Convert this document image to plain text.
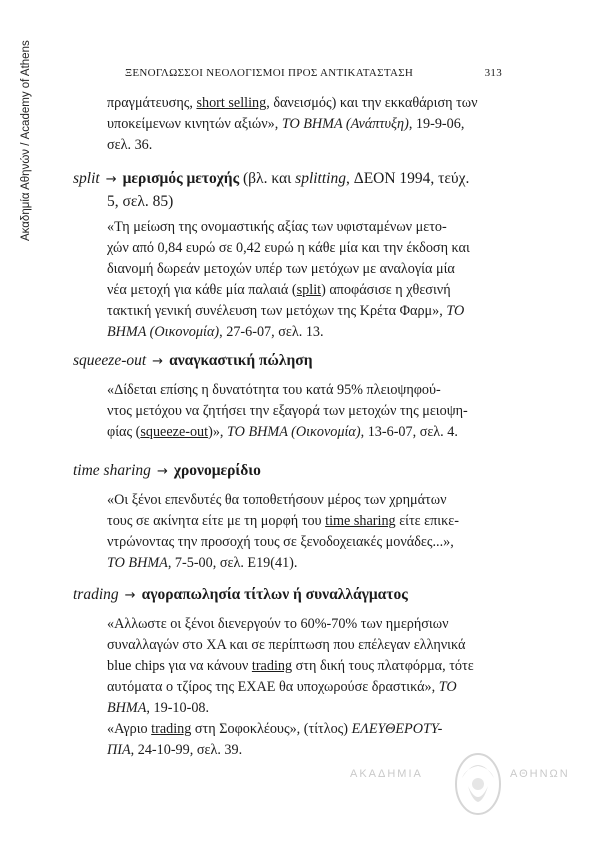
Ακαδημία Αθηνών / Academy of Athens	ΞΕΝΟΓΛΩΣΣΟΙ ΝΕΟΛΟΓΙΣΜΟΙ ΠΡΟΣ ΑΝΤΙΚΑΤΑΣΤΑΣΗ	313
πραγμάτευσης, short selling, δανεισμός) και την εκκαθάριση των
υποκείμενων κινητών αξιών», ΤΟ ΒΗΜΑ (Ανάπτυξη), 19-9-06,
σελ. 36.
split → μερισμός μετοχής (βλ. και splitting, ΔΕΟΝ 1994, τεύχ.
5, σελ. 85)
«Τη μείωση της ονομαστικής αξίας των υφισταμένων μετο-
χών από 0,84 ευρώ σε 0,42 ευρώ η κάθε μία και την έκδοση και
διανομή δωρεάν μετοχών υπέρ των μετόχων με αναλογία μία
νέα μετοχή για κάθε μία παλαιά (split) αποφάσισε η χθεσινή
τακτική γενική συνέλευση των μετόχων της Κρέτα Φαρμ», ΤΟ
ΒΗΜΑ (Οικονομία), 27-6-07, σελ. 13.
squeeze-out → αναγκαστική πώληση
«Δίδεται επίσης η δυνατότητα του κατά 95% πλειοψηφού-
ντος μετόχου να ζητήσει την εξαγορά των μετοχών της μειοψη-
φίας (squeeze-out)», ΤΟ ΒΗΜΑ (Οικονομία), 13-6-07, σελ. 4.
time sharing → χρονομερίδιο
«Οι ξένοι επενδυτές θα τοποθετήσουν μέρος των χρημάτων
τους σε ακίνητα είτε με τη μορφή του time sharing είτε επικε-
ντρώνοντας την προσοχή τους σε ξενοδοχειακές μονάδες...»,
ΤΟ ΒΗΜΑ, 7-5-00, σελ. Ε19(41).
trading → αγοραπωλησία τίτλων ή συναλλάγματος
«Αλλωστε οι ξένοι διενεργούν το 60%-70% των ημερήσιων
συναλλαγών στο ΧΑ και σε περίπτωση που επέλεγαν ελληνικά
blue chips για να κάνουν trading στη δική τους πλατφόρμα, τότε
αυτόματα ο τζίρος της ΕΧΑΕ θα υποχωρούσε δραστικά», ΤΟ
ΒΗΜΑ, 19-10-08.
«Αγριο trading στη Σοφοκλέους», (τίτλος) ΕΛΕΥΘΕΡΟΤΥ-
ΠΙΑ, 24-10-99, σελ. 39.
ΑΚΑΔΗΜΙΑ	ΑΘΗΝΩΝ
